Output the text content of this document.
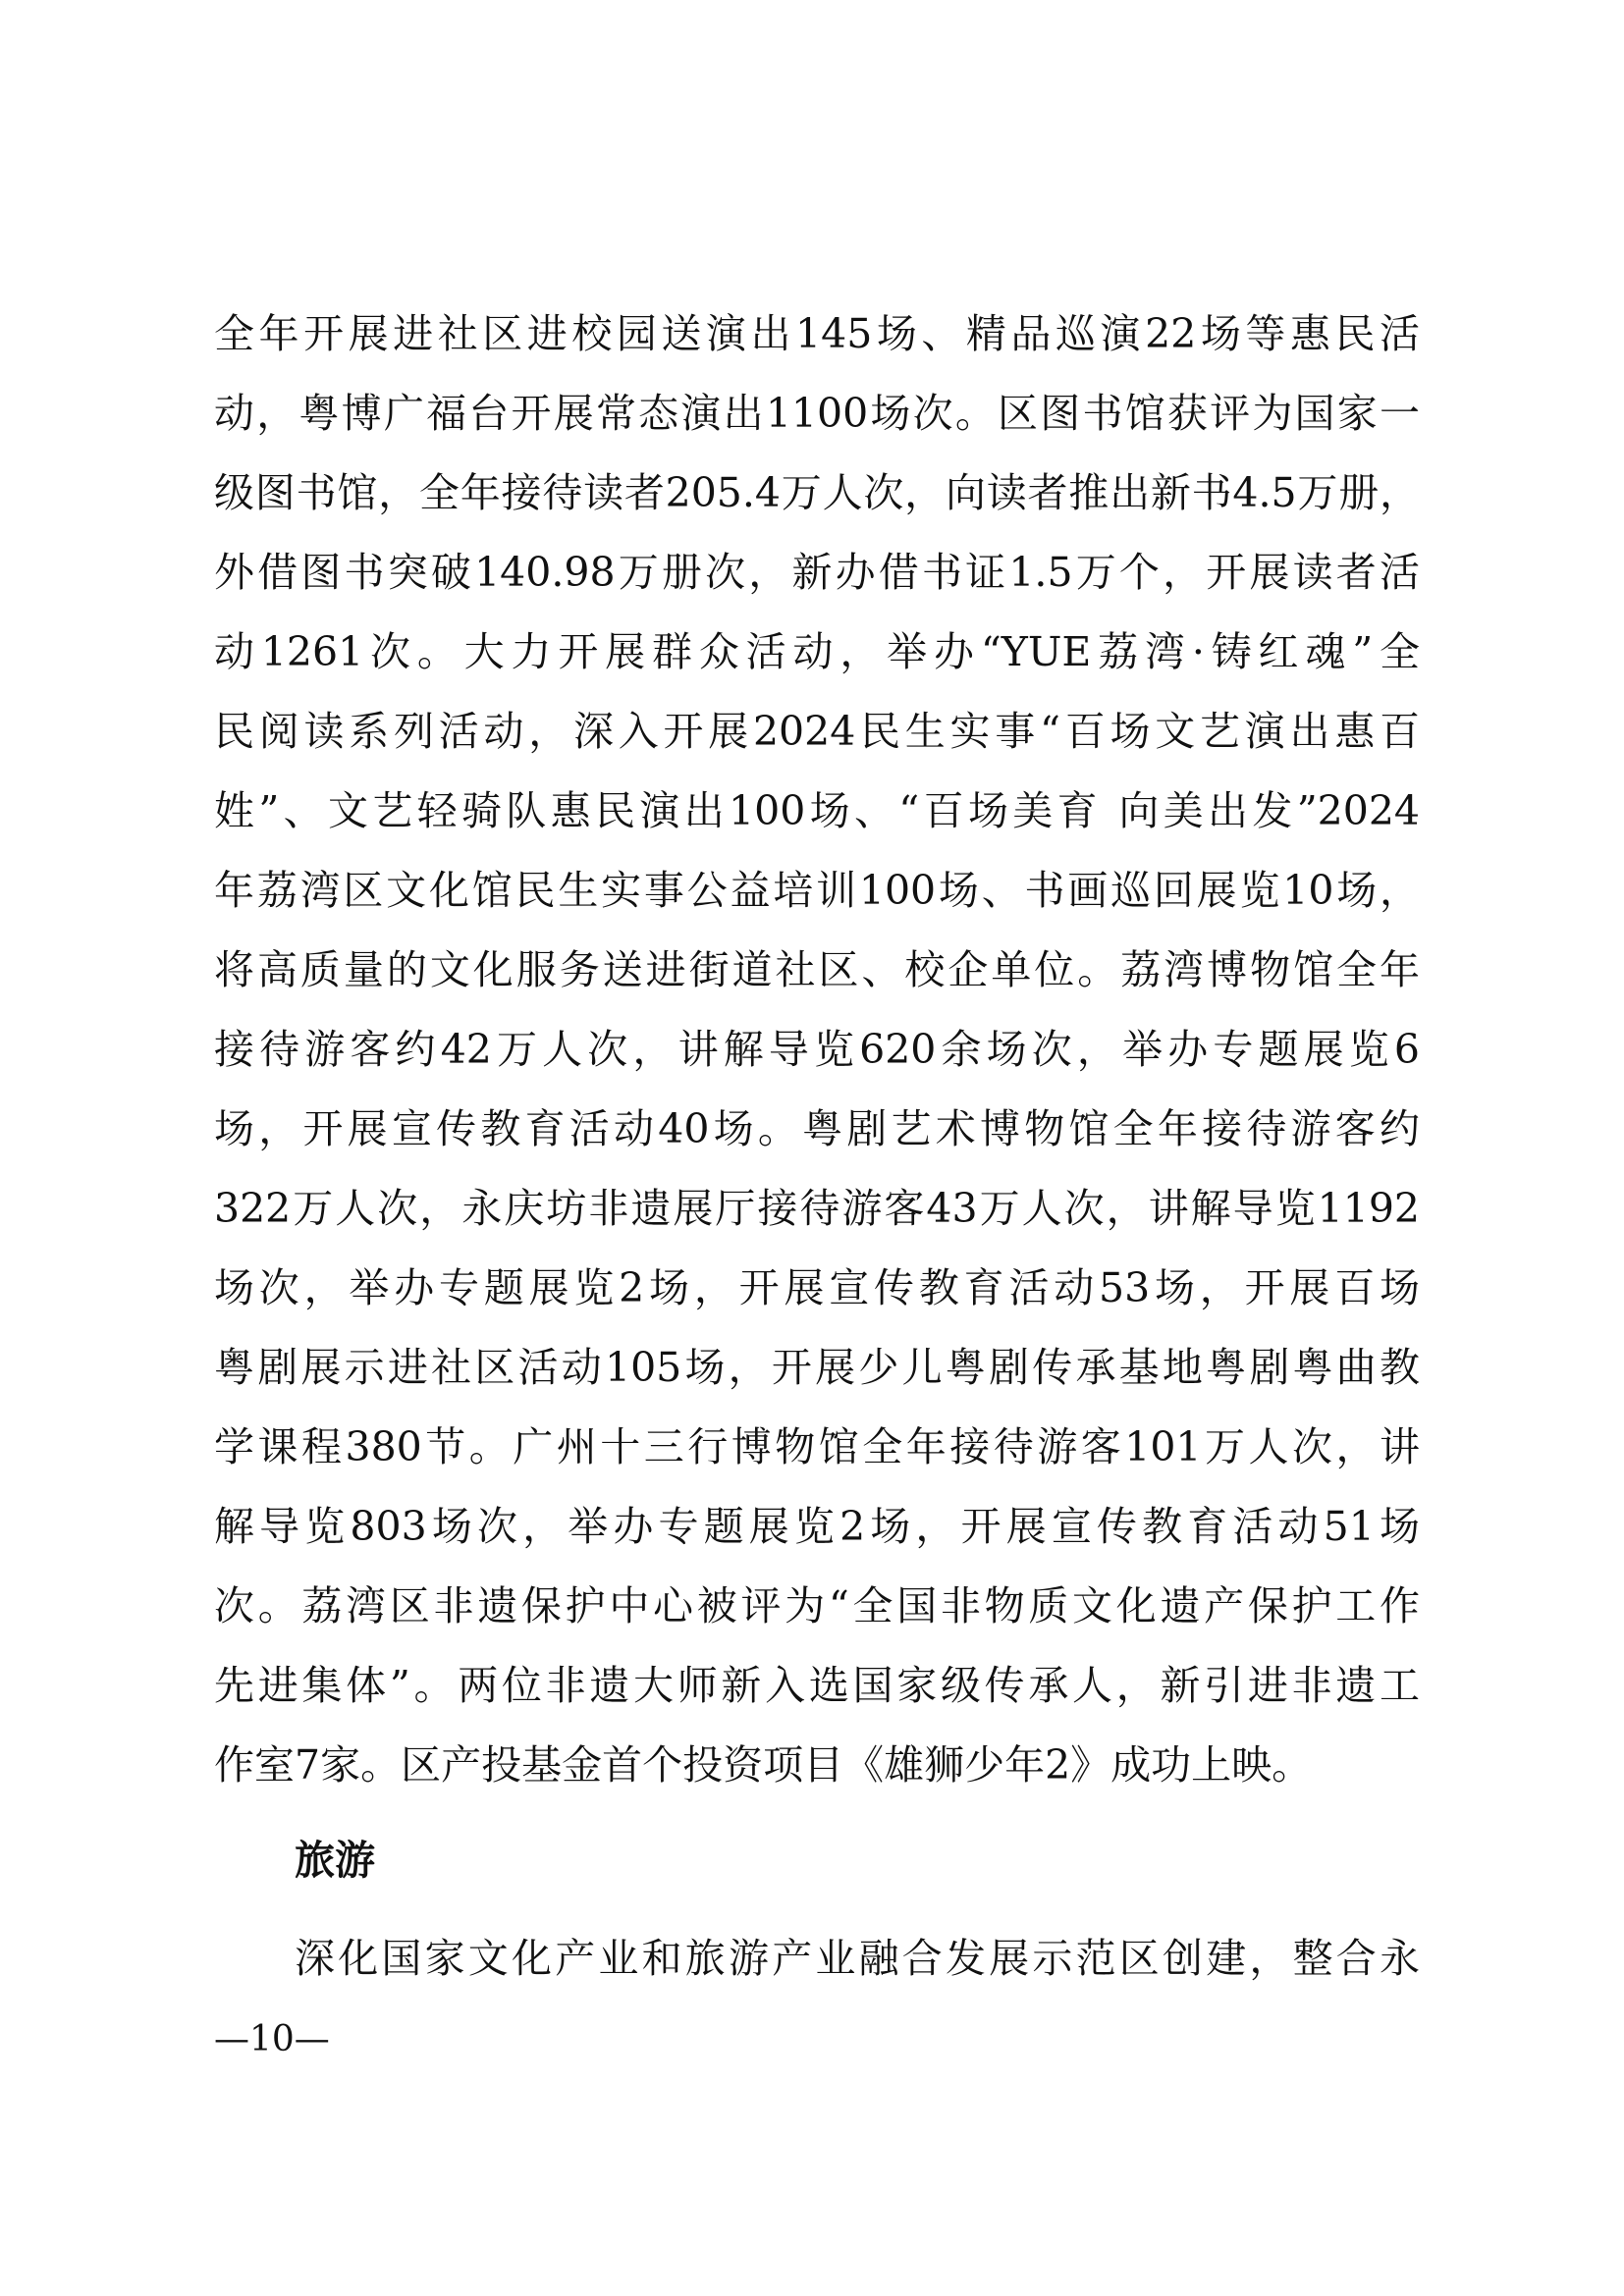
全年开展进社区进校园送演出145场、精品巡演22场等惠民活
动，粤博广福台开展常态演出1100场次。区图书馆获评为国家一
级图书馆，全年接待读者205.4万人次，向读者推出新书4.5万册，
外借图书突破140.98万册次，新办借书证1.5万个，开展读者活
动1261次。大力开展群众活动，举办“YUE荔湾·铸红魂”全
民阅读系列活动，深入开展2024民生实事“百场文艺演出惠百
姓”、文艺轻骑队惠民演出100场、“百场美育 向美出发”2024
年荔湾区文化馆民生实事公益培训100场、书画巡回展览10场，
将高质量的文化服务送进街道社区、校企单位。荔湾博物馆全年
接待游客约42万人次，讲解导览620余场次，举办专题展览6
场，开展宣传教育活动40场。粤剧艺术博物馆全年接待游客约
322万人次，永庆坊非遗展厅接待游客43万人次，讲解导览1192
场次，举办专题展览2场，开展宣传教育活动53场，开展百场
粤剧展示进社区活动105场，开展少儿粤剧传承基地粤剧粤曲教
学课程380节。广州十三行博物馆全年接待游客101万人次，讲
解导览803场次，举办专题展览2场，开展宣传教育活动51场
次。荔湾区非遗保护中心被评为“全国非物质文化遗产保护工作
先进集体”。两位非遗大师新入选国家级传承人，新引进非遗工
作室7家。区产投基金首个投资项目《雄狮少年2》成功上映。
旅游
深化国家文化产业和旅游产业融合发展示范区创建，整合永
—10—
